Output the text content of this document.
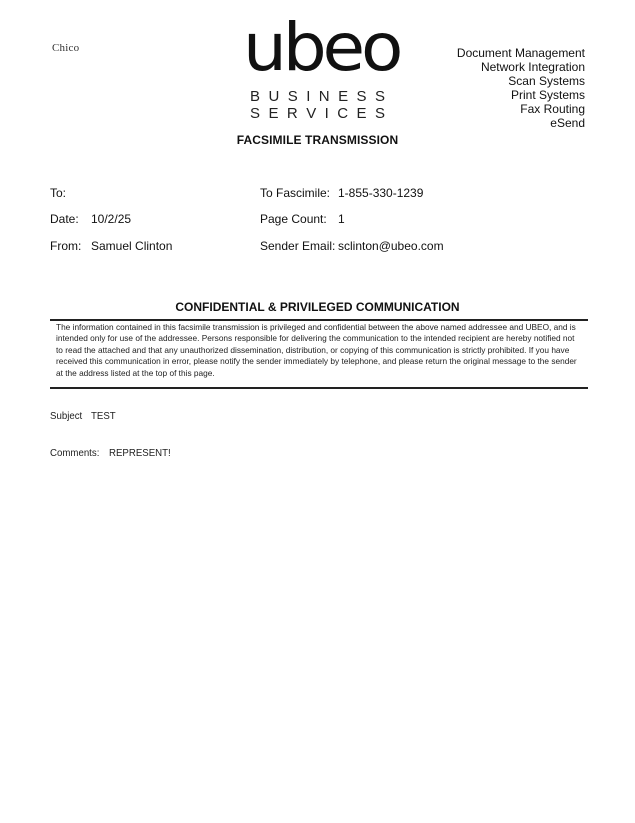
Chico ubeo
B U S I N E S S
S E R V I C E S
Document Management
Network Integration
Scan Systems
Print Systems
Fax Routing
eSend
FACSIMILE TRANSMISSION
To:
Date: 10/2/25
From: Samuel Clinton
To Fascimile: 1-855-330-1239
Page Count: 1
Sender Email: sclinton@ubeo.com
CONFIDENTIAL & PRIVILEGED COMMUNICATION
The information contained in this facsimile transmission is privileged and confidential between the above named addressee and UBEO, and is
intended only for use of the addressee. Persons responsible for delivering the communication to the intended recipient are hereby notified not
to read the attached and that any unauthorized dissemination, distribution, or copying of this communication is strictly prohibited. If you have
received this communication in error, please notify the sender immediately by telephone, and please return the original message to the sender
at the address listed at the top of this page.
Subject TEST
Comments: REPRESENT!
